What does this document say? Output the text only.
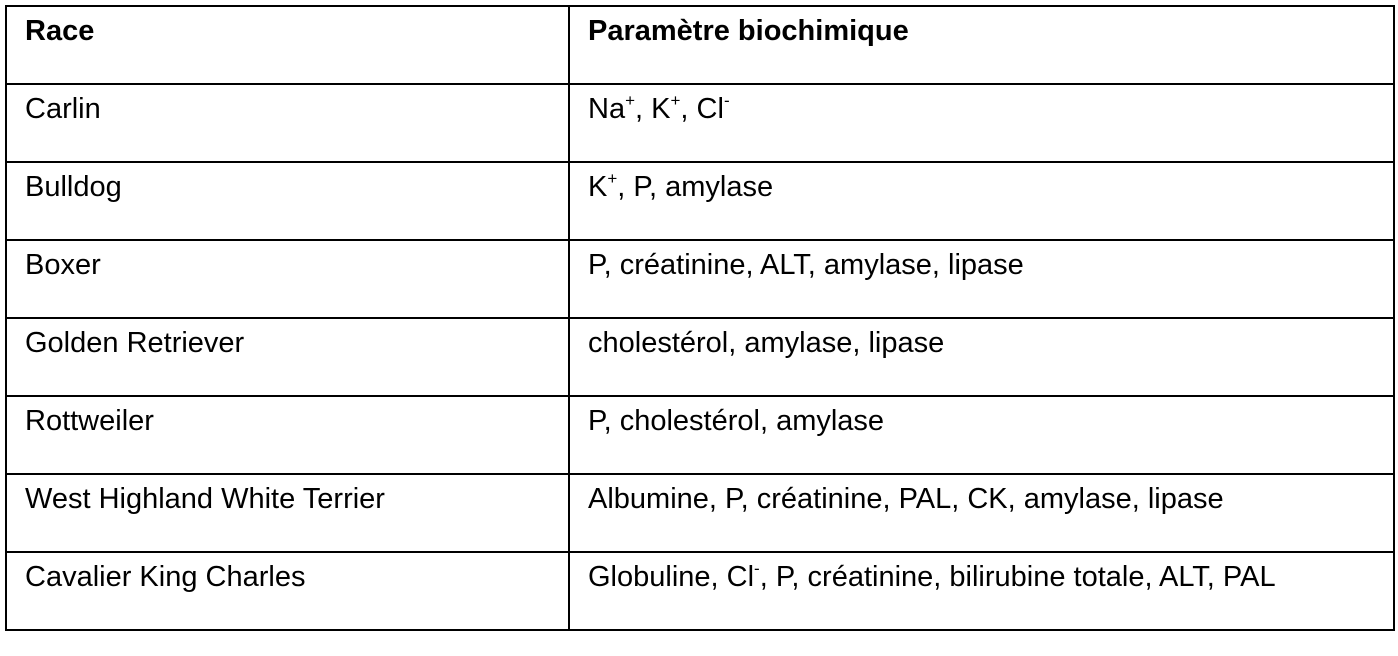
Race	Paramètre biochimique
Carlin	Na+, K+, Cl-
Bulldog	K+, P, amylase
Boxer	P, créatinine, ALT, amylase, lipase
Golden Retriever	cholestérol, amylase, lipase
Rottweiler	P, cholestérol, amylase
West Highland White Terrier	Albumine, P, créatinine, PAL, CK, amylase, lipase
Cavalier King Charles	Globuline, Cl-, P, créatinine, bilirubine totale, ALT, PAL
